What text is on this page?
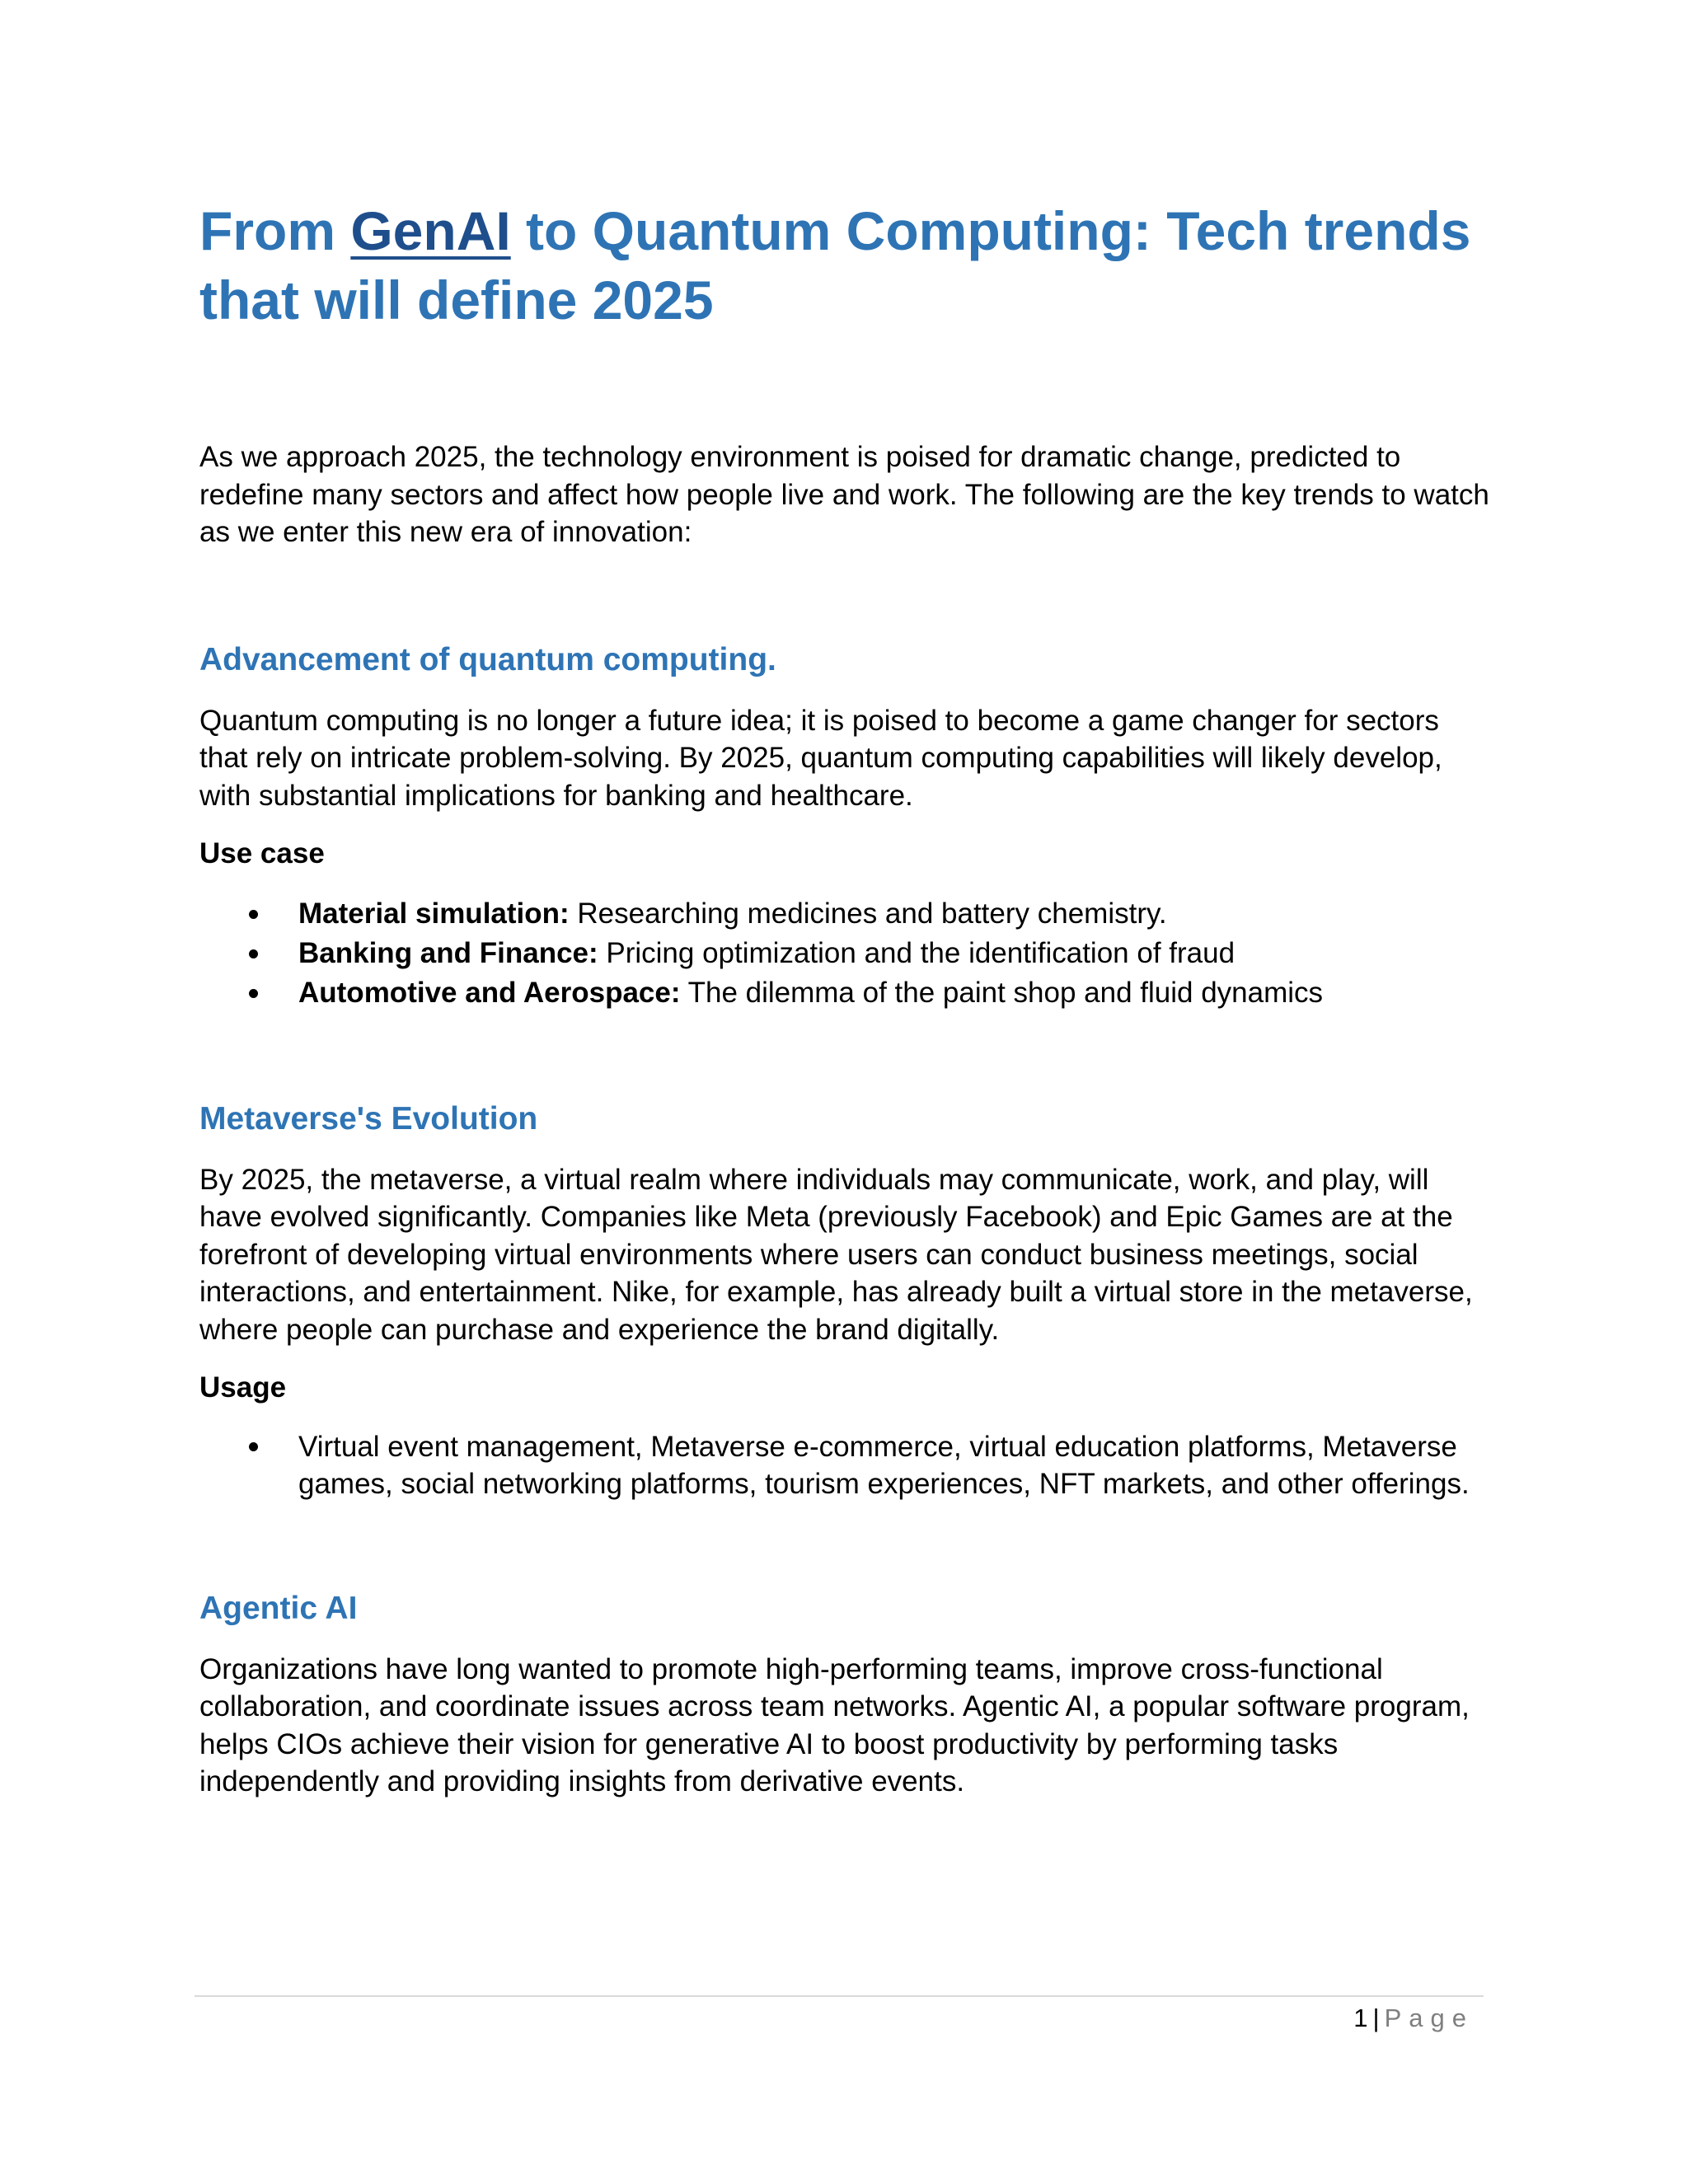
From GenAI to Quantum Computing: Tech trends that will define 2025

As we approach 2025, the technology environment is poised for dramatic change, predicted to redefine many sectors and affect how people live and work. The following are the key trends to watch as we enter this new era of innovation:

Advancement of quantum computing.

Quantum computing is no longer a future idea; it is poised to become a game changer for sectors that rely on intricate problem-solving. By 2025, quantum computing capabilities will likely develop, with substantial implications for banking and healthcare.

Use case

Material simulation: Researching medicines and battery chemistry.
Banking and Finance: Pricing optimization and the identification of fraud
Automotive and Aerospace: The dilemma of the paint shop and fluid dynamics
Metaverse's Evolution

By 2025, the metaverse, a virtual realm where individuals may communicate, work, and play, will have evolved significantly. Companies like Meta (previously Facebook) and Epic Games are at the forefront of developing virtual environments where users can conduct business meetings, social interactions, and entertainment. Nike, for example, has already built a virtual store in the metaverse, where people can purchase and experience the brand digitally.

Usage

Virtual event management, Metaverse e-commerce, virtual education platforms, Metaverse games, social networking platforms, tourism experiences, NFT markets, and other offerings.
Agentic AI

Organizations have long wanted to promote high-performing teams, improve cross-functional collaboration, and coordinate issues across team networks. Agentic AI, a popular software program, helps CIOs achieve their vision for generative AI to boost productivity by performing tasks independently and providing insights from derivative events.

1 | Page
